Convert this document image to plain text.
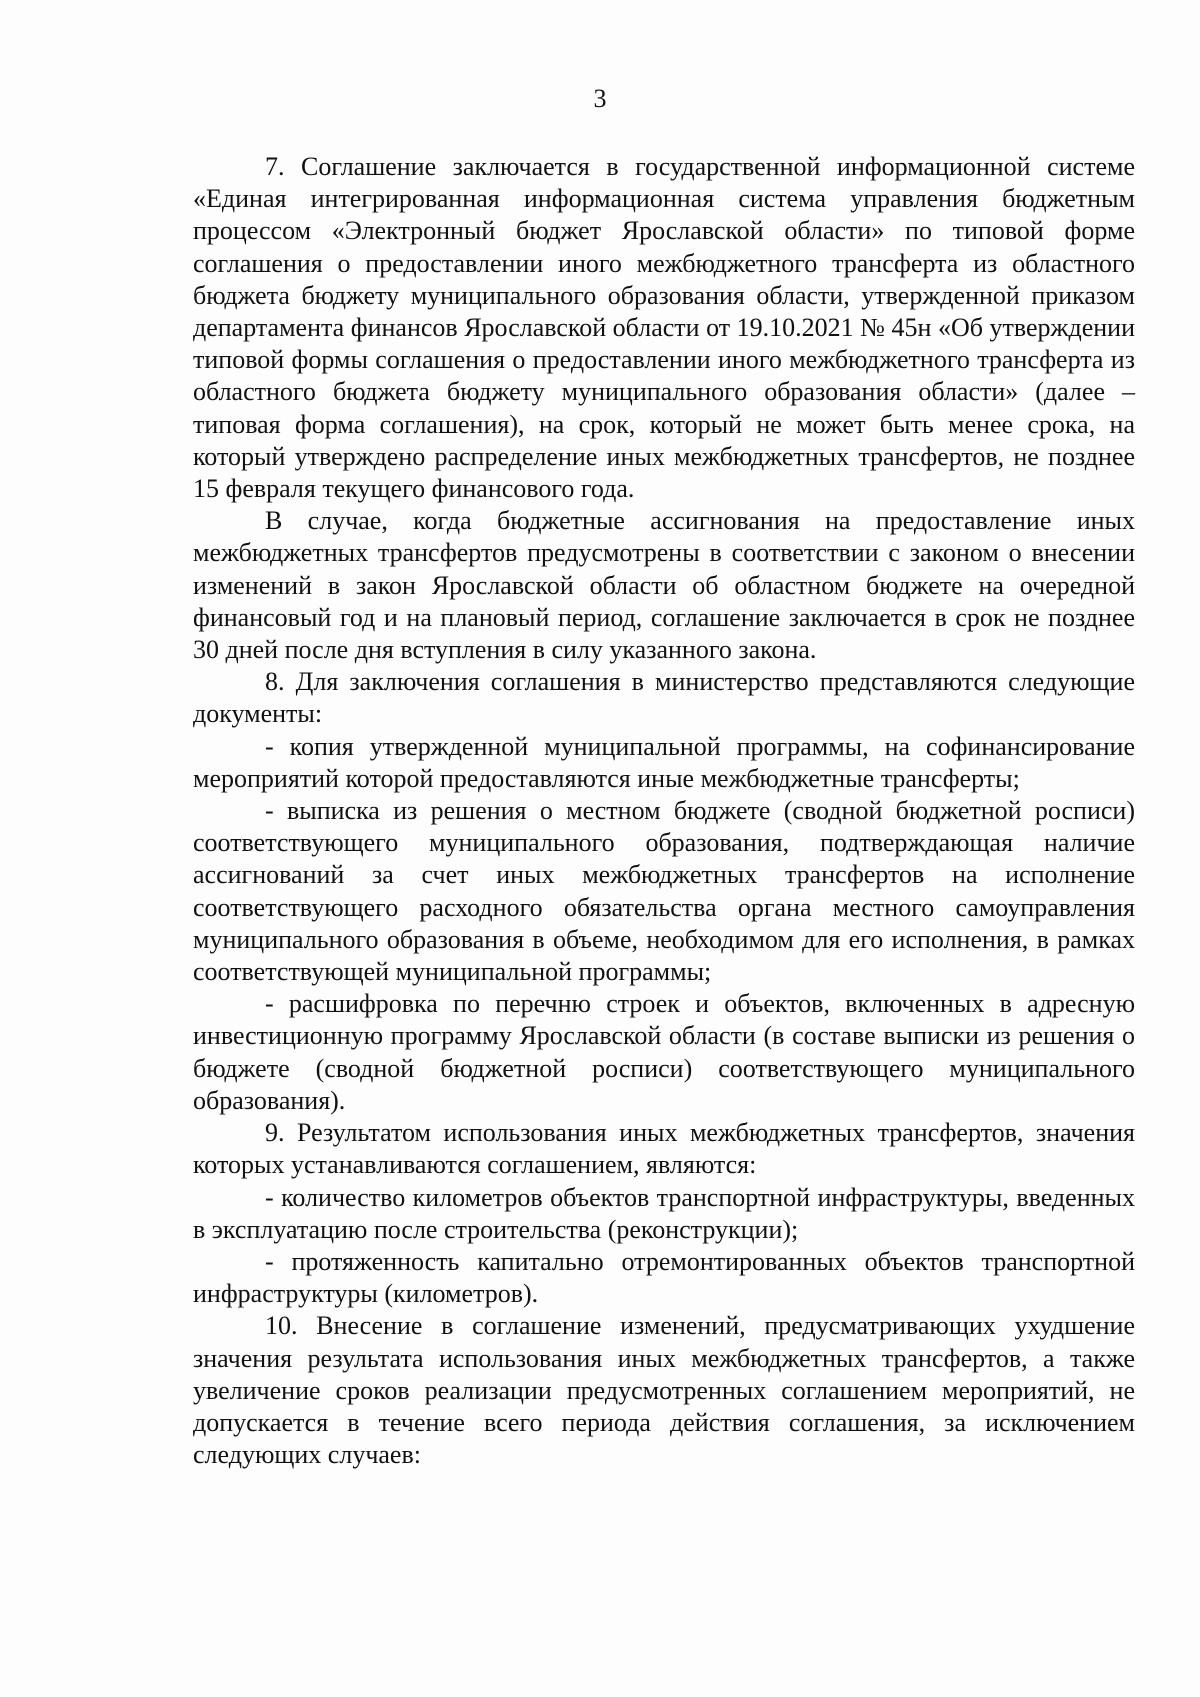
3

7. Соглашение заключается в государственной информационной системе «Единая интегрированная информационная система управления бюджетным процессом «Электронный бюджет Ярославской области» по типовой форме соглашения о предоставлении иного межбюджетного трансферта из областного бюджета бюджету муниципального образования области, утвержденной приказом департамента финансов Ярославской области от 19.10.2021 № 45н «Об утверждении типовой формы соглашения о предоставлении иного межбюджетного трансферта из областного бюджета бюджету муниципального образования области» (далее – типовая форма соглашения), на срок, который не может быть менее срока, на который утверждено распределение иных межбюджетных трансфертов, не позднее 15 февраля текущего финансового года.

В случае, когда бюджетные ассигнования на предоставление иных межбюджетных трансфертов предусмотрены в соответствии с законом о внесении изменений в закон Ярославской области об областном бюджете на очередной финансовый год и на плановый период, соглашение заключается в срок не позднее 30 дней после дня вступления в силу указанного закона.

8. Для заключения соглашения в министерство представляются следующие документы:

- копия утвержденной муниципальной программы, на софинансирование мероприятий которой предоставляются иные межбюджетные трансферты;

- выписка из решения о местном бюджете (сводной бюджетной росписи) соответствующего муниципального образования, подтверждающая наличие ассигнований за счет иных межбюджетных трансфертов на исполнение соответствующего расходного обязательства органа местного самоуправления муниципального образования в объеме, необходимом для его исполнения, в рамках соответствующей муниципальной программы;

- расшифровка по перечню строек и объектов, включенных в адресную инвестиционную программу Ярославской области (в составе выписки из решения о бюджете (сводной бюджетной росписи) соответствующего муниципального образования).

9. Результатом использования иных межбюджетных трансфертов, значения которых устанавливаются соглашением, являются:

- количество километров объектов транспортной инфраструктуры, введенных в эксплуатацию после строительства (реконструкции);

- протяженность капитально отремонтированных объектов транспортной инфраструктуры (километров).

10. Внесение в соглашение изменений, предусматривающих ухудшение значения результата использования иных межбюджетных трансфертов, а также увеличение сроков реализации предусмотренных соглашением мероприятий, не допускается в течение всего периода действия соглашения, за исключением следующих случаев:
